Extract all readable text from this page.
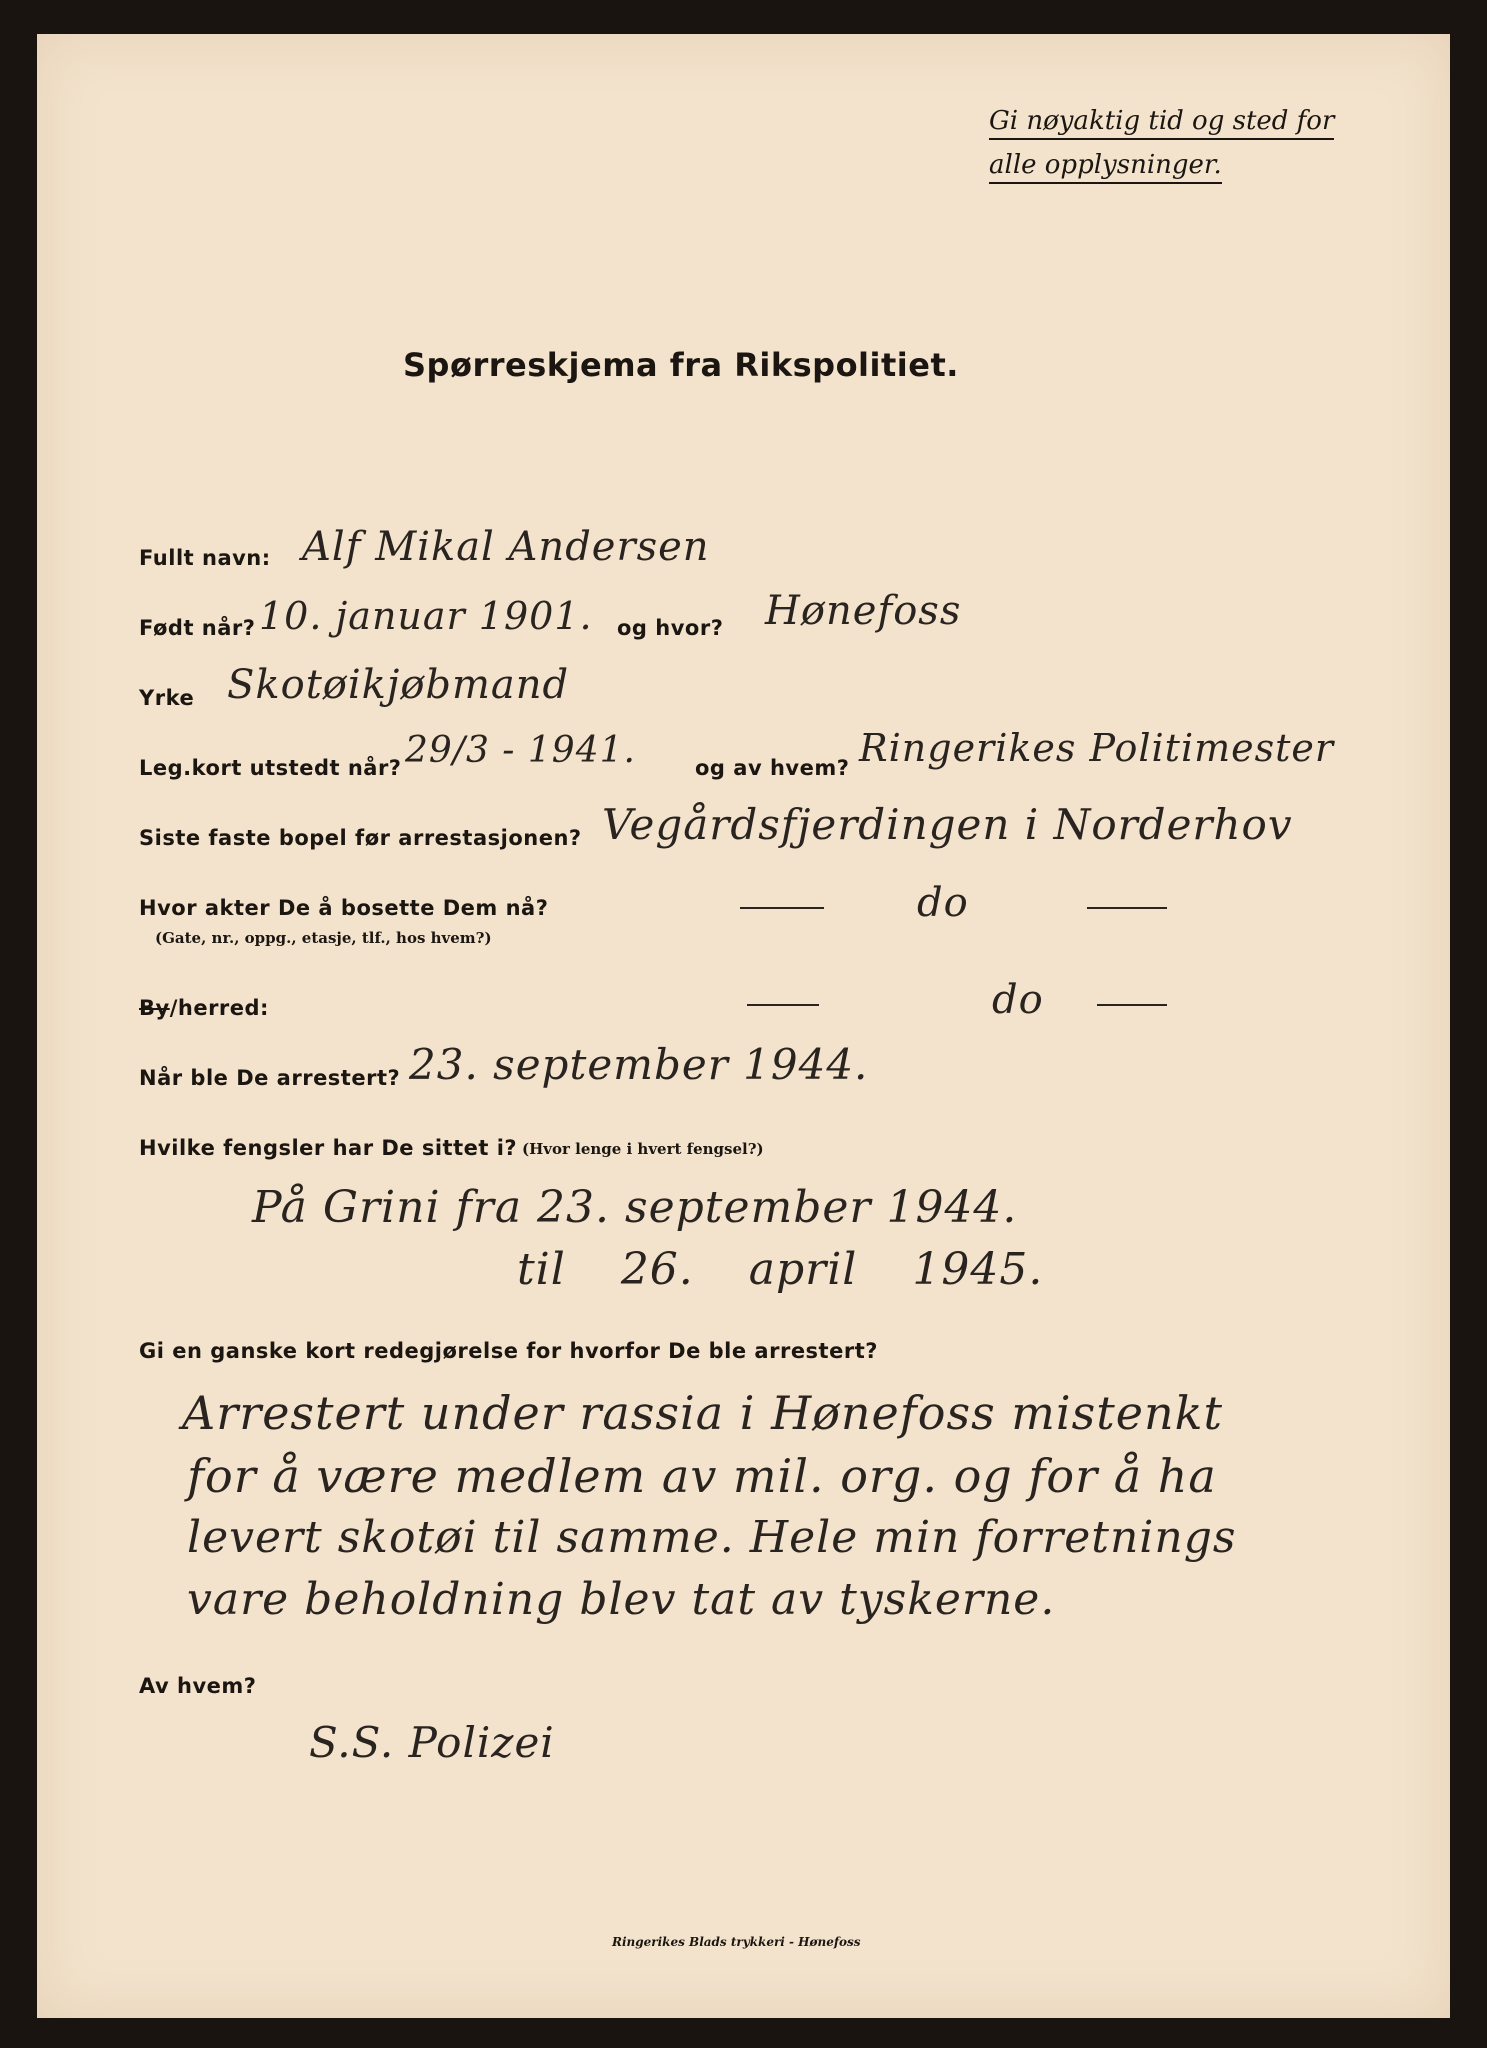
Gi nøyaktig tid og sted for
alle opplysninger.
Spørreskjema fra Rikspolitiet.
Fullt navn: Alf Mikal Andersen
Født når? 10. januar 1901. og hvor? Hønefoss
Yrke Skotøikjøbmand
Leg.kort utstedt når? 29/3 - 1941.	og av hvem? Ringerikes Politimester
Siste faste bopel før arrestasjonen? Vegårdsfjerdingen i Norderhov
Hvor akter De å bosette Dem nå?
(Gate, nr., oppg., etasje, tlf., hos hvem?)
do
By/herred:	do
Når ble De arrestert? 23. september 1944.
Hvilke fengsler har De sittet i? (Hvor lenge i hvert fengsel?)
På Grini fra 23. september 1944.
til 26. april 1945.
Gi en ganske kort redegjørelse for hvorfor De ble arrestert?
Arrestert under rassia i Hønefoss mistenkt
for å være medlem av mil. org. og for å ha
levert skotøi til samme. Hele min forretnings
vare beholdning blev tat av tyskerne.
Av hvem?
S.S. Polizei
Ringerikes Blads trykkeri - Hønefoss
